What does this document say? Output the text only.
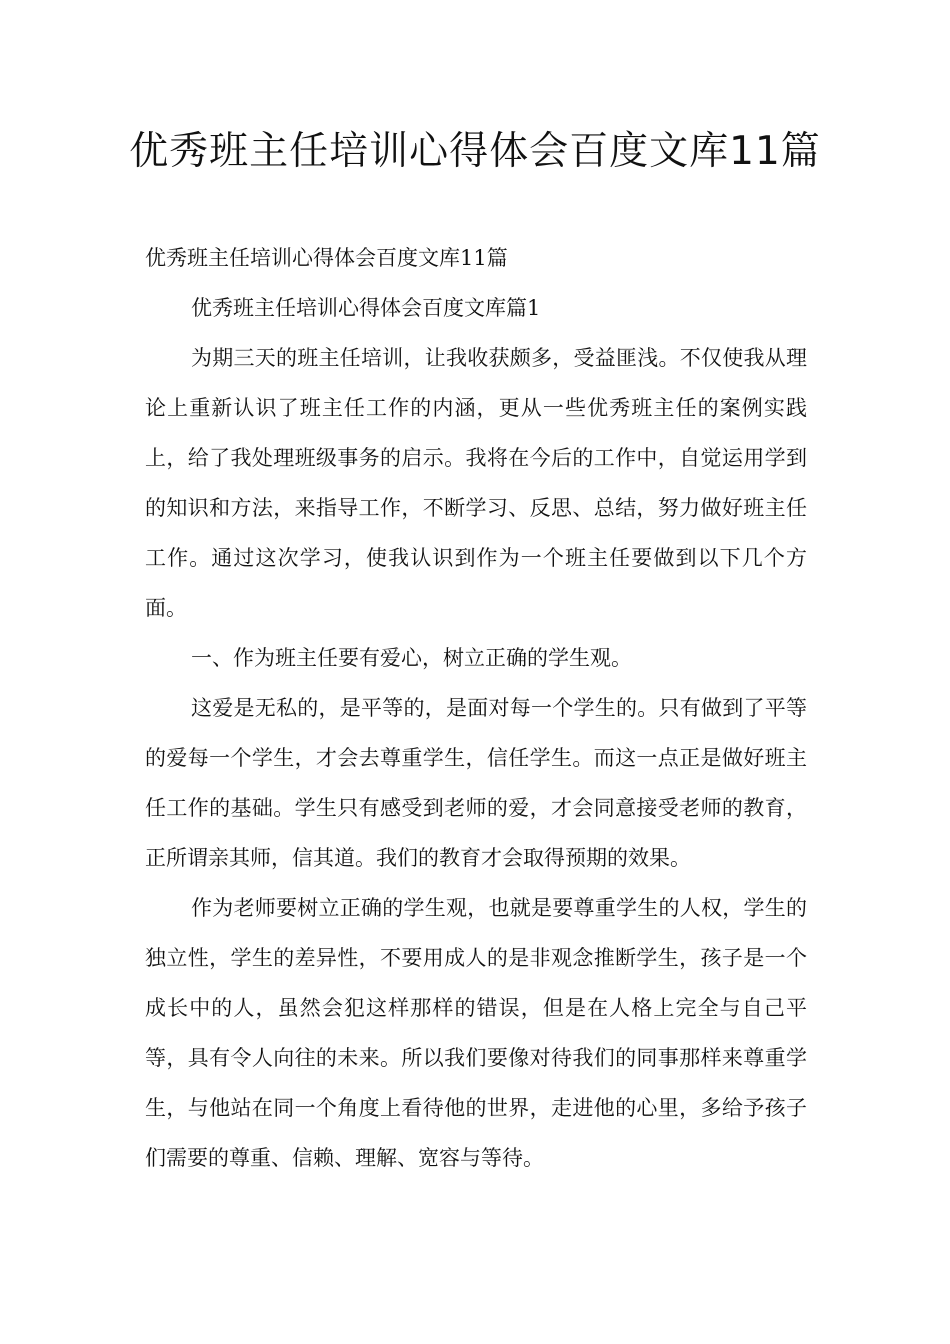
优秀班主任培训心得体会百度文库11篇

优秀班主任培训心得体会百度文库11篇

优秀班主任培训心得体会百度文库篇1

为期三天的班主任培训，让我收获颇多，受益匪浅。不仅使我从理论上重新认识了班主任工作的内涵，更从一些优秀班主任的案例实践上，给了我处理班级事务的启示。我将在今后的工作中，自觉运用学到的知识和方法，来指导工作，不断学习、反思、总结，努力做好班主任工作。通过这次学习，使我认识到作为一个班主任要做到以下几个方面。

一、作为班主任要有爱心，树立正确的学生观。

这爱是无私的，是平等的，是面对每一个学生的。只有做到了平等的爱每一个学生，才会去尊重学生，信任学生。而这一点正是做好班主任工作的基础。学生只有感受到老师的爱，才会同意接受老师的教育，正所谓亲其师，信其道。我们的教育才会取得预期的效果。

作为老师要树立正确的学生观，也就是要尊重学生的人权，学生的独立性，学生的差异性，不要用成人的是非观念推断学生，孩子是一个成长中的人，虽然会犯这样那样的错误，但是在人格上完全与自己平等，具有令人向往的未来。所以我们要像对待我们的同事那样来尊重学生，与他站在同一个角度上看待他的世界，走进他的心里，多给予孩子们需要的尊重、信赖、理解、宽容与等待。
